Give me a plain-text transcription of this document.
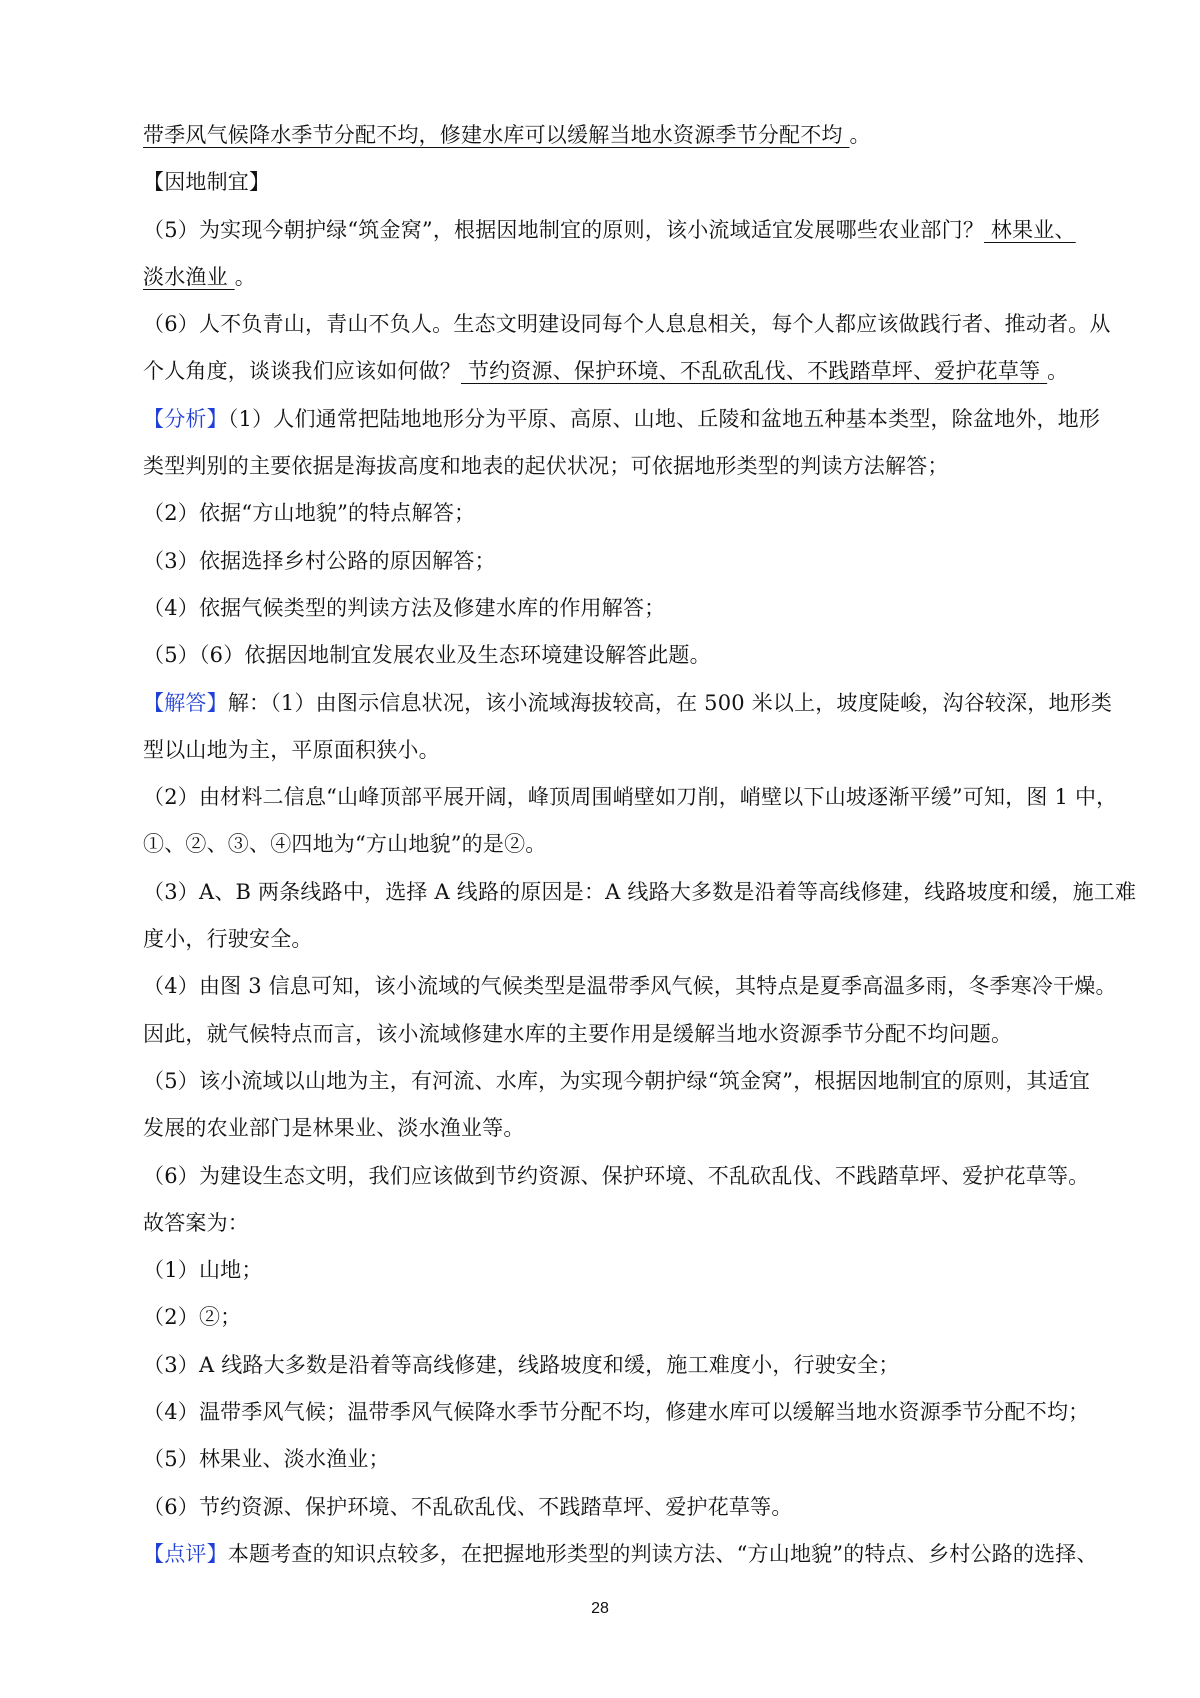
带季风气候降水季节分配不均，修建水库可以缓解当地水资源季节分配不均 。
【因地制宜】
（5）为实现今朝护绿“筑金窝”，根据因地制宜的原则，该小流域适宜发展哪些农业部门？ 林果业、
淡水渔业 。
（6）人不负青山，青山不负人。生态文明建设同每个人息息相关，每个人都应该做践行者、推动者。从
个人角度，谈谈我们应该如何做？ 节约资源、保护环境、不乱砍乱伐、不践踏草坪、爱护花草等 。
【分析】（1）人们通常把陆地地形分为平原、高原、山地、丘陵和盆地五种基本类型，除盆地外，地形
类型判别的主要依据是海拔高度和地表的起伏状况；可依据地形类型的判读方法解答；
（2）依据“方山地貌”的特点解答；
（3）依据选择乡村公路的原因解答；
（4）依据气候类型的判读方法及修建水库的作用解答；
（5）（6）依据因地制宜发展农业及生态环境建设解答此题。
【解答】解：（1）由图示信息状况，该小流域海拔较高，在 500 米以上，坡度陡峻，沟谷较深，地形类
型以山地为主，平原面积狭小。
（2）由材料二信息“山峰顶部平展开阔，峰顶周围峭壁如刀削，峭壁以下山坡逐渐平缓”可知，图 1 中，
①、②、③、④四地为“方山地貌”的是②。
（3）A、B 两条线路中，选择 A 线路的原因是：A 线路大多数是沿着等高线修建，线路坡度和缓，施工难
度小，行驶安全。
（4）由图 3 信息可知，该小流域的气候类型是温带季风气候，其特点是夏季高温多雨，冬季寒冷干燥。
因此，就气候特点而言，该小流域修建水库的主要作用是缓解当地水资源季节分配不均问题。
（5）该小流域以山地为主，有河流、水库，为实现今朝护绿“筑金窝”，根据因地制宜的原则，其适宜
发展的农业部门是林果业、淡水渔业等。
（6）为建设生态文明，我们应该做到节约资源、保护环境、不乱砍乱伐、不践踏草坪、爱护花草等。
故答案为：
（1）山地；
（2）②；
（3）A 线路大多数是沿着等高线修建，线路坡度和缓，施工难度小，行驶安全；
（4）温带季风气候；温带季风气候降水季节分配不均，修建水库可以缓解当地水资源季节分配不均；
（5）林果业、淡水渔业；
（6）节约资源、保护环境、不乱砍乱伐、不践踏草坪、爱护花草等。
【点评】本题考查的知识点较多，在把握地形类型的判读方法、“方山地貌”的特点、乡村公路的选择、
28
